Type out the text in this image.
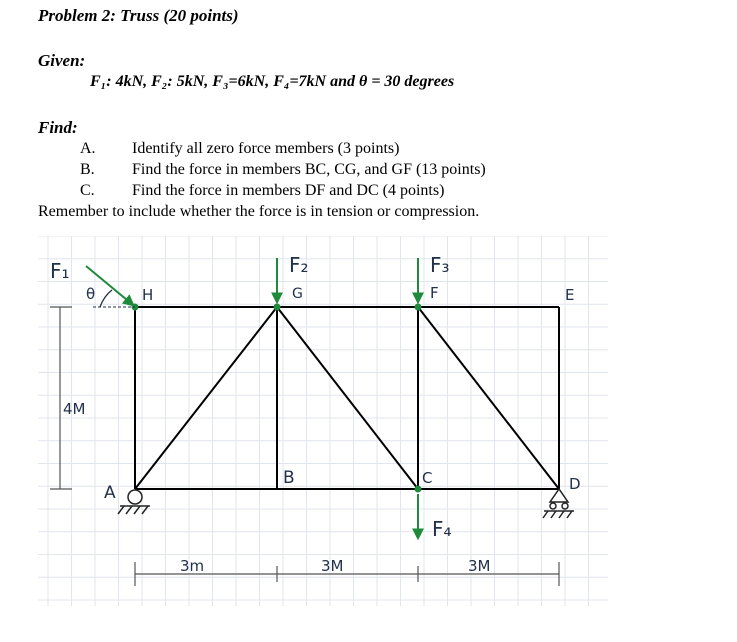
Problem 2: Truss (20 points)
Given:
F₁: 4kN, F₂: 5kN, F₃=6kN, F₄=7kN and θ = 30 degrees
Find:
A. Identify all zero force members (3 points)
B. Find the force in members BC, CG, and GF (13 points)
C. Find the force in members DF and DC (4 points)
Remember to include whether the force is in tension or compression.
F₁
θ	H
F₂
G
F₃
F	E
4M
A
B	C	D
F₄
3m	3M	3M
